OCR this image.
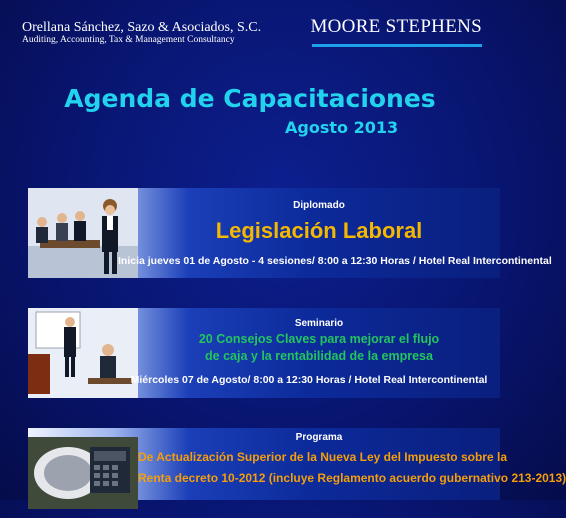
Orellana Sánchez, Sazo & Asociados, S.C.
Auditing, Accounting, Tax & Management Consultancy
MOORE STEPHENS
Agenda de Capacitaciones
Agosto 2013
Diplomado
Legislación Laboral
Inicia jueves 01 de Agosto - 4 sesiones/ 8:00 a 12:30 Horas / Hotel Real Intercontinental
Seminario
20 Consejos Claves para mejorar el flujo
de caja y la rentabilidad de la empresa
Miércoles 07 de Agosto/ 8:00 a 12:30 Horas / Hotel Real Intercontinental
Programa
De Actualización Superior de la Nueva Ley del Impuesto sobre la
Renta decreto 10-2012 (incluye Reglamento acuerdo gubernativo 213-2013)
